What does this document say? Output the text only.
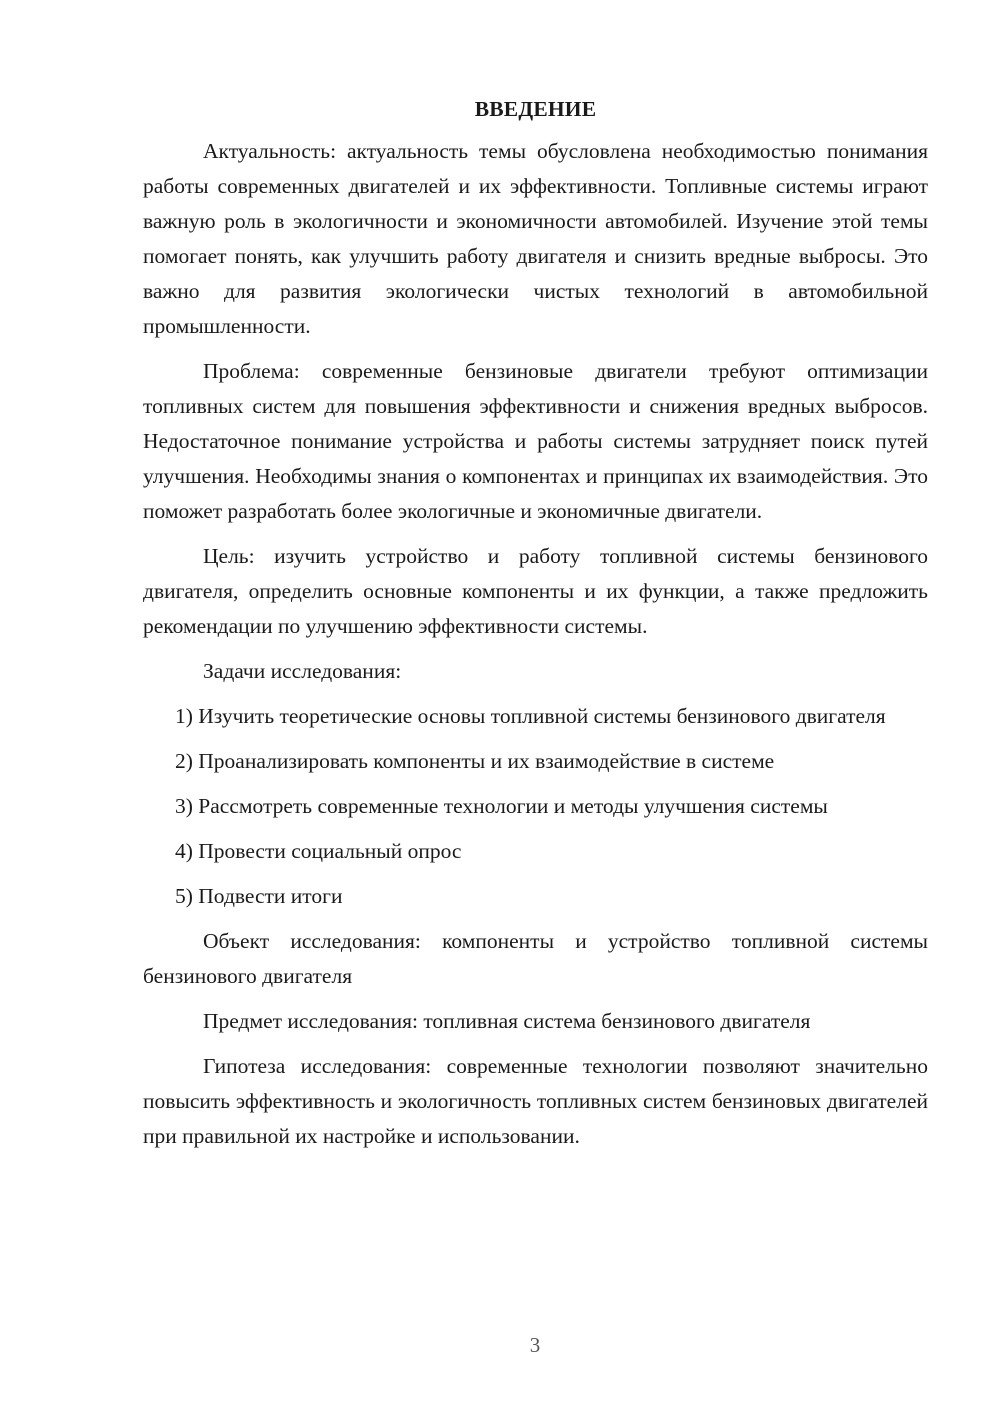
ВВЕДЕНИЕ
Актуальность: актуальность темы обусловлена необходимостью понимания работы современных двигателей и их эффективности. Топливные системы играют важную роль в экологичности и экономичности автомобилей. Изучение этой темы помогает понять, как улучшить работу двигателя и снизить вредные выбросы. Это важно для развития экологически чистых технологий в автомобильной промышленности.
Проблема: современные бензиновые двигатели требуют оптимизации топливных систем для повышения эффективности и снижения вредных выбросов. Недостаточное понимание устройства и работы системы затрудняет поиск путей улучшения. Необходимы знания о компонентах и принципах их взаимодействия. Это поможет разработать более экологичные и экономичные двигатели.
Цель: изучить устройство и работу топливной системы бензинового двигателя, определить основные компоненты и их функции, а также предложить рекомендации по улучшению эффективности системы.
Задачи исследования:
1) Изучить теоретические основы топливной системы бензинового двигателя
2) Проанализировать компоненты и их взаимодействие в системе
3) Рассмотреть современные технологии и методы улучшения системы
4) Провести социальный опрос
5) Подвести итоги
Объект исследования: компоненты и устройство топливной системы бензинового двигателя
Предмет исследования: топливная система бензинового двигателя
Гипотеза исследования: современные технологии позволяют значительно повысить эффективность и экологичность топливных систем бензиновых двигателей при правильной их настройке и использовании.
3
